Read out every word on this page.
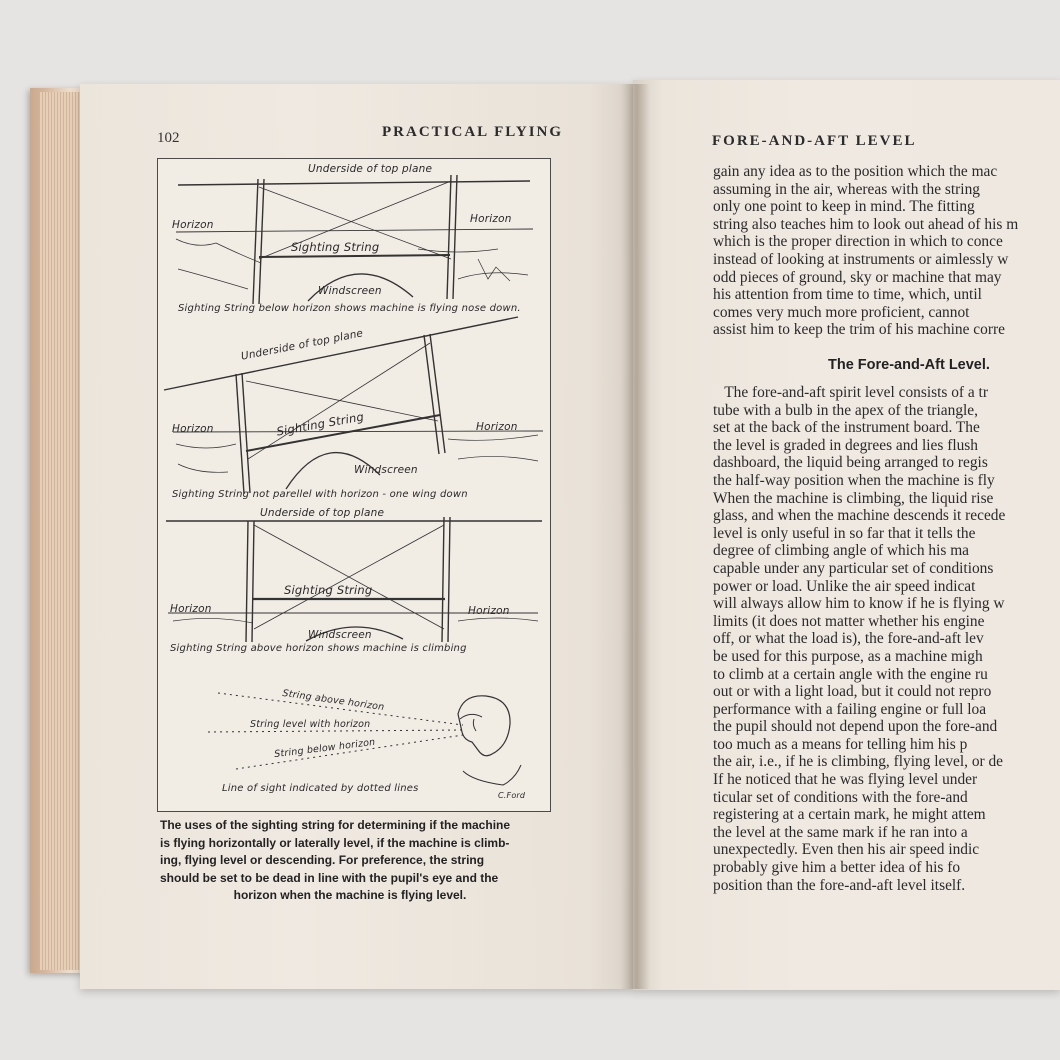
102	PRACTICAL FLYING
Underside of top plane
Horizon	Horizon
Sighting String
Windscreen
Sighting String below horizon shows machine is flying nose down.
Underside of top plane
Horizon	Horizon
Sighting String
Windscreen
Sighting String not parellel with horizon - one wing down
Underside of top plane
Horizon	Horizon
Sighting String
Windscreen
Sighting String above horizon shows machine is climbing
String above horizon
String level with horizon
String below horizon
Line of sight indicated by dotted lines
C.Ford
The uses of the sighting string for determining if the machine
is flying horizontally or laterally level, if the machine is climb-
ing, flying level or descending. For preference, the string
should be set to be dead in line with the pupil's eye and the
horizon when the machine is flying level.
FORE-AND-AFT LEVEL
gain any idea as to the position which the mac
assuming in the air, whereas with the string
only one point to keep in mind. The fitting
string also teaches him to look out ahead of his m
which is the proper direction in which to conce
instead of looking at instruments or aimlessly w
odd pieces of ground, sky or machine that may
his attention from time to time, which, until
comes very much more proficient, cannot
assist him to keep the trim of his machine corre
The Fore-and-Aft Level.
The fore-and-aft spirit level consists of a tr
tube with a bulb in the apex of the triangle,
set at the back of the instrument board. The
the level is graded in degrees and lies flush
dashboard, the liquid being arranged to regis
the half-way position when the machine is fly
When the machine is climbing, the liquid rise
glass, and when the machine descends it recede
level is only useful in so far that it tells the
degree of climbing angle of which his ma
capable under any particular set of conditions
power or load. Unlike the air speed indicat
will always allow him to know if he is flying w
limits (it does not matter whether his engine
off, or what the load is), the fore-and-aft lev
be used for this purpose, as a machine migh
to climb at a certain angle with the engine ru
out or with a light load, but it could not repro
performance with a failing engine or full loa
the pupil should not depend upon the fore-and
too much as a means for telling him his p
the air, i.e., if he is climbing, flying level, or de
If he noticed that he was flying level under
ticular set of conditions with the fore-and
registering at a certain mark, he might attem
the level at the same mark if he ran into a
unexpectedly. Even then his air speed indic
probably give him a better idea of his fo
position than the fore-and-aft level itself.
